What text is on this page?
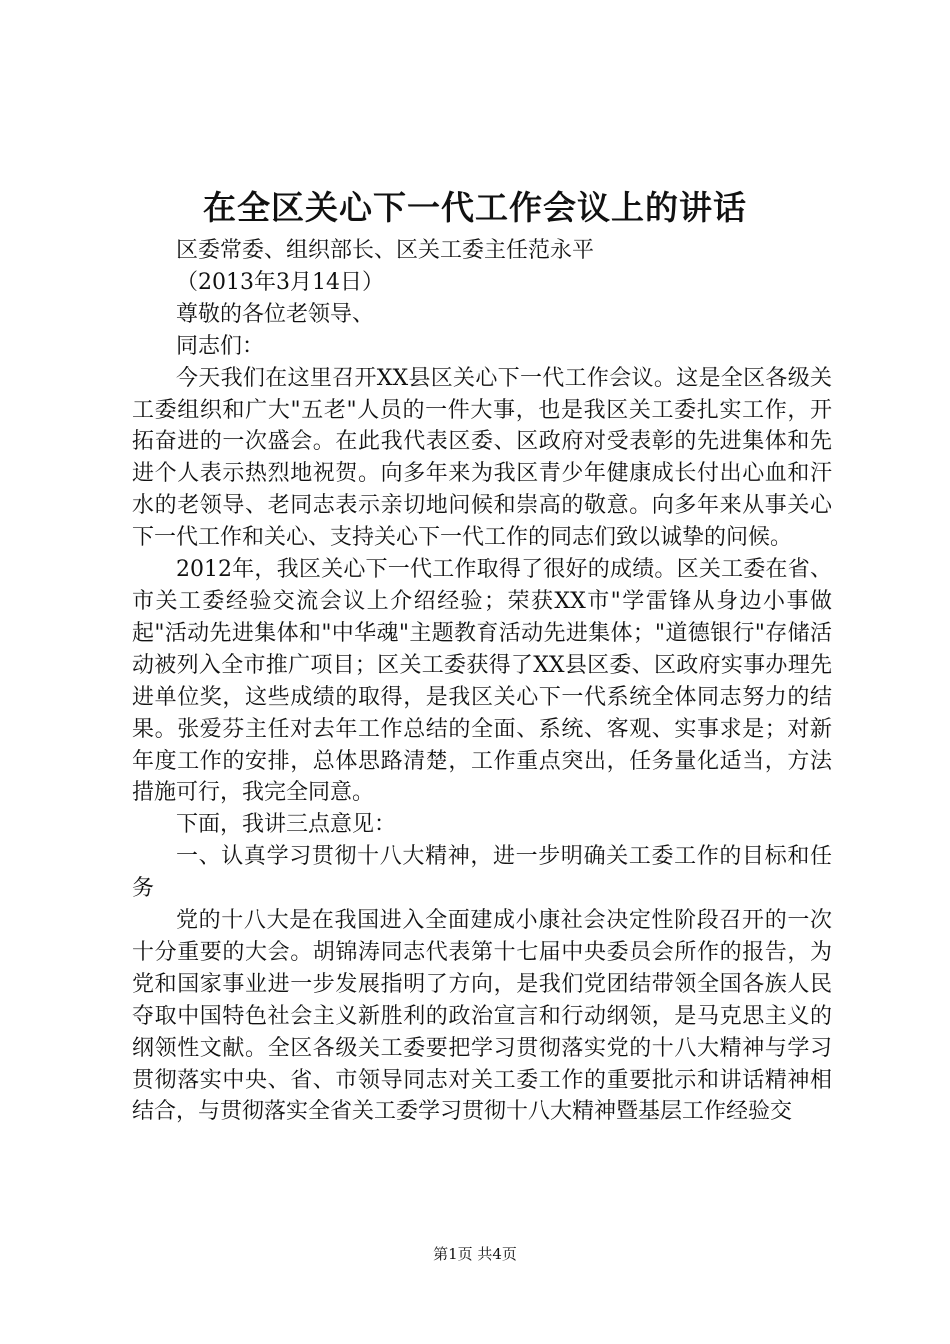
在全区关心下一代工作会议上的讲话

区委常委、组织部长、区关工委主任范永平

（2013年3月14日）

尊敬的各位老领导、

同志们：

今天我们在这里召开XX县区关心下一代工作会议。这是全区各级关工委组织和广大"五老"人员的一件大事，也是我区关工委扎实工作，开拓奋进的一次盛会。在此我代表区委、区政府对受表彰的先进集体和先进个人表示热烈地祝贺。向多年来为我区青少年健康成长付出心血和汗水的老领导、老同志表示亲切地问候和崇高的敬意。向多年来从事关心下一代工作和关心、支持关心下一代工作的同志们致以诚挚的问候。

2012年，我区关心下一代工作取得了很好的成绩。区关工委在省、市关工委经验交流会议上介绍经验；荣获XX市"学雷锋从身边小事做起"活动先进集体和"中华魂"主题教育活动先进集体；"道德银行"存储活动被列入全市推广项目；区关工委获得了XX县区委、区政府实事办理先进单位奖，这些成绩的取得，是我区关心下一代系统全体同志努力的结果。张爱芬主任对去年工作总结的全面、系统、客观、实事求是；对新年度工作的安排，总体思路清楚，工作重点突出，任务量化适当，方法措施可行，我完全同意。

下面，我讲三点意见：

一、认真学习贯彻十八大精神，进一步明确关工委工作的目标和任务

党的十八大是在我国进入全面建成小康社会决定性阶段召开的一次十分重要的大会。胡锦涛同志代表第十七届中央委员会所作的报告，为党和国家事业进一步发展指明了方向，是我们党团结带领全国各族人民夺取中国特色社会主义新胜利的政治宣言和行动纲领，是马克思主义的纲领性文献。全区各级关工委要把学习贯彻落实党的十八大精神与学习贯彻落实中央、省、市领导同志对关工委工作的重要批示和讲话精神相结合，与贯彻落实全省关工委学习贯彻十八大精神暨基层工作经验交

第1页 共4页
